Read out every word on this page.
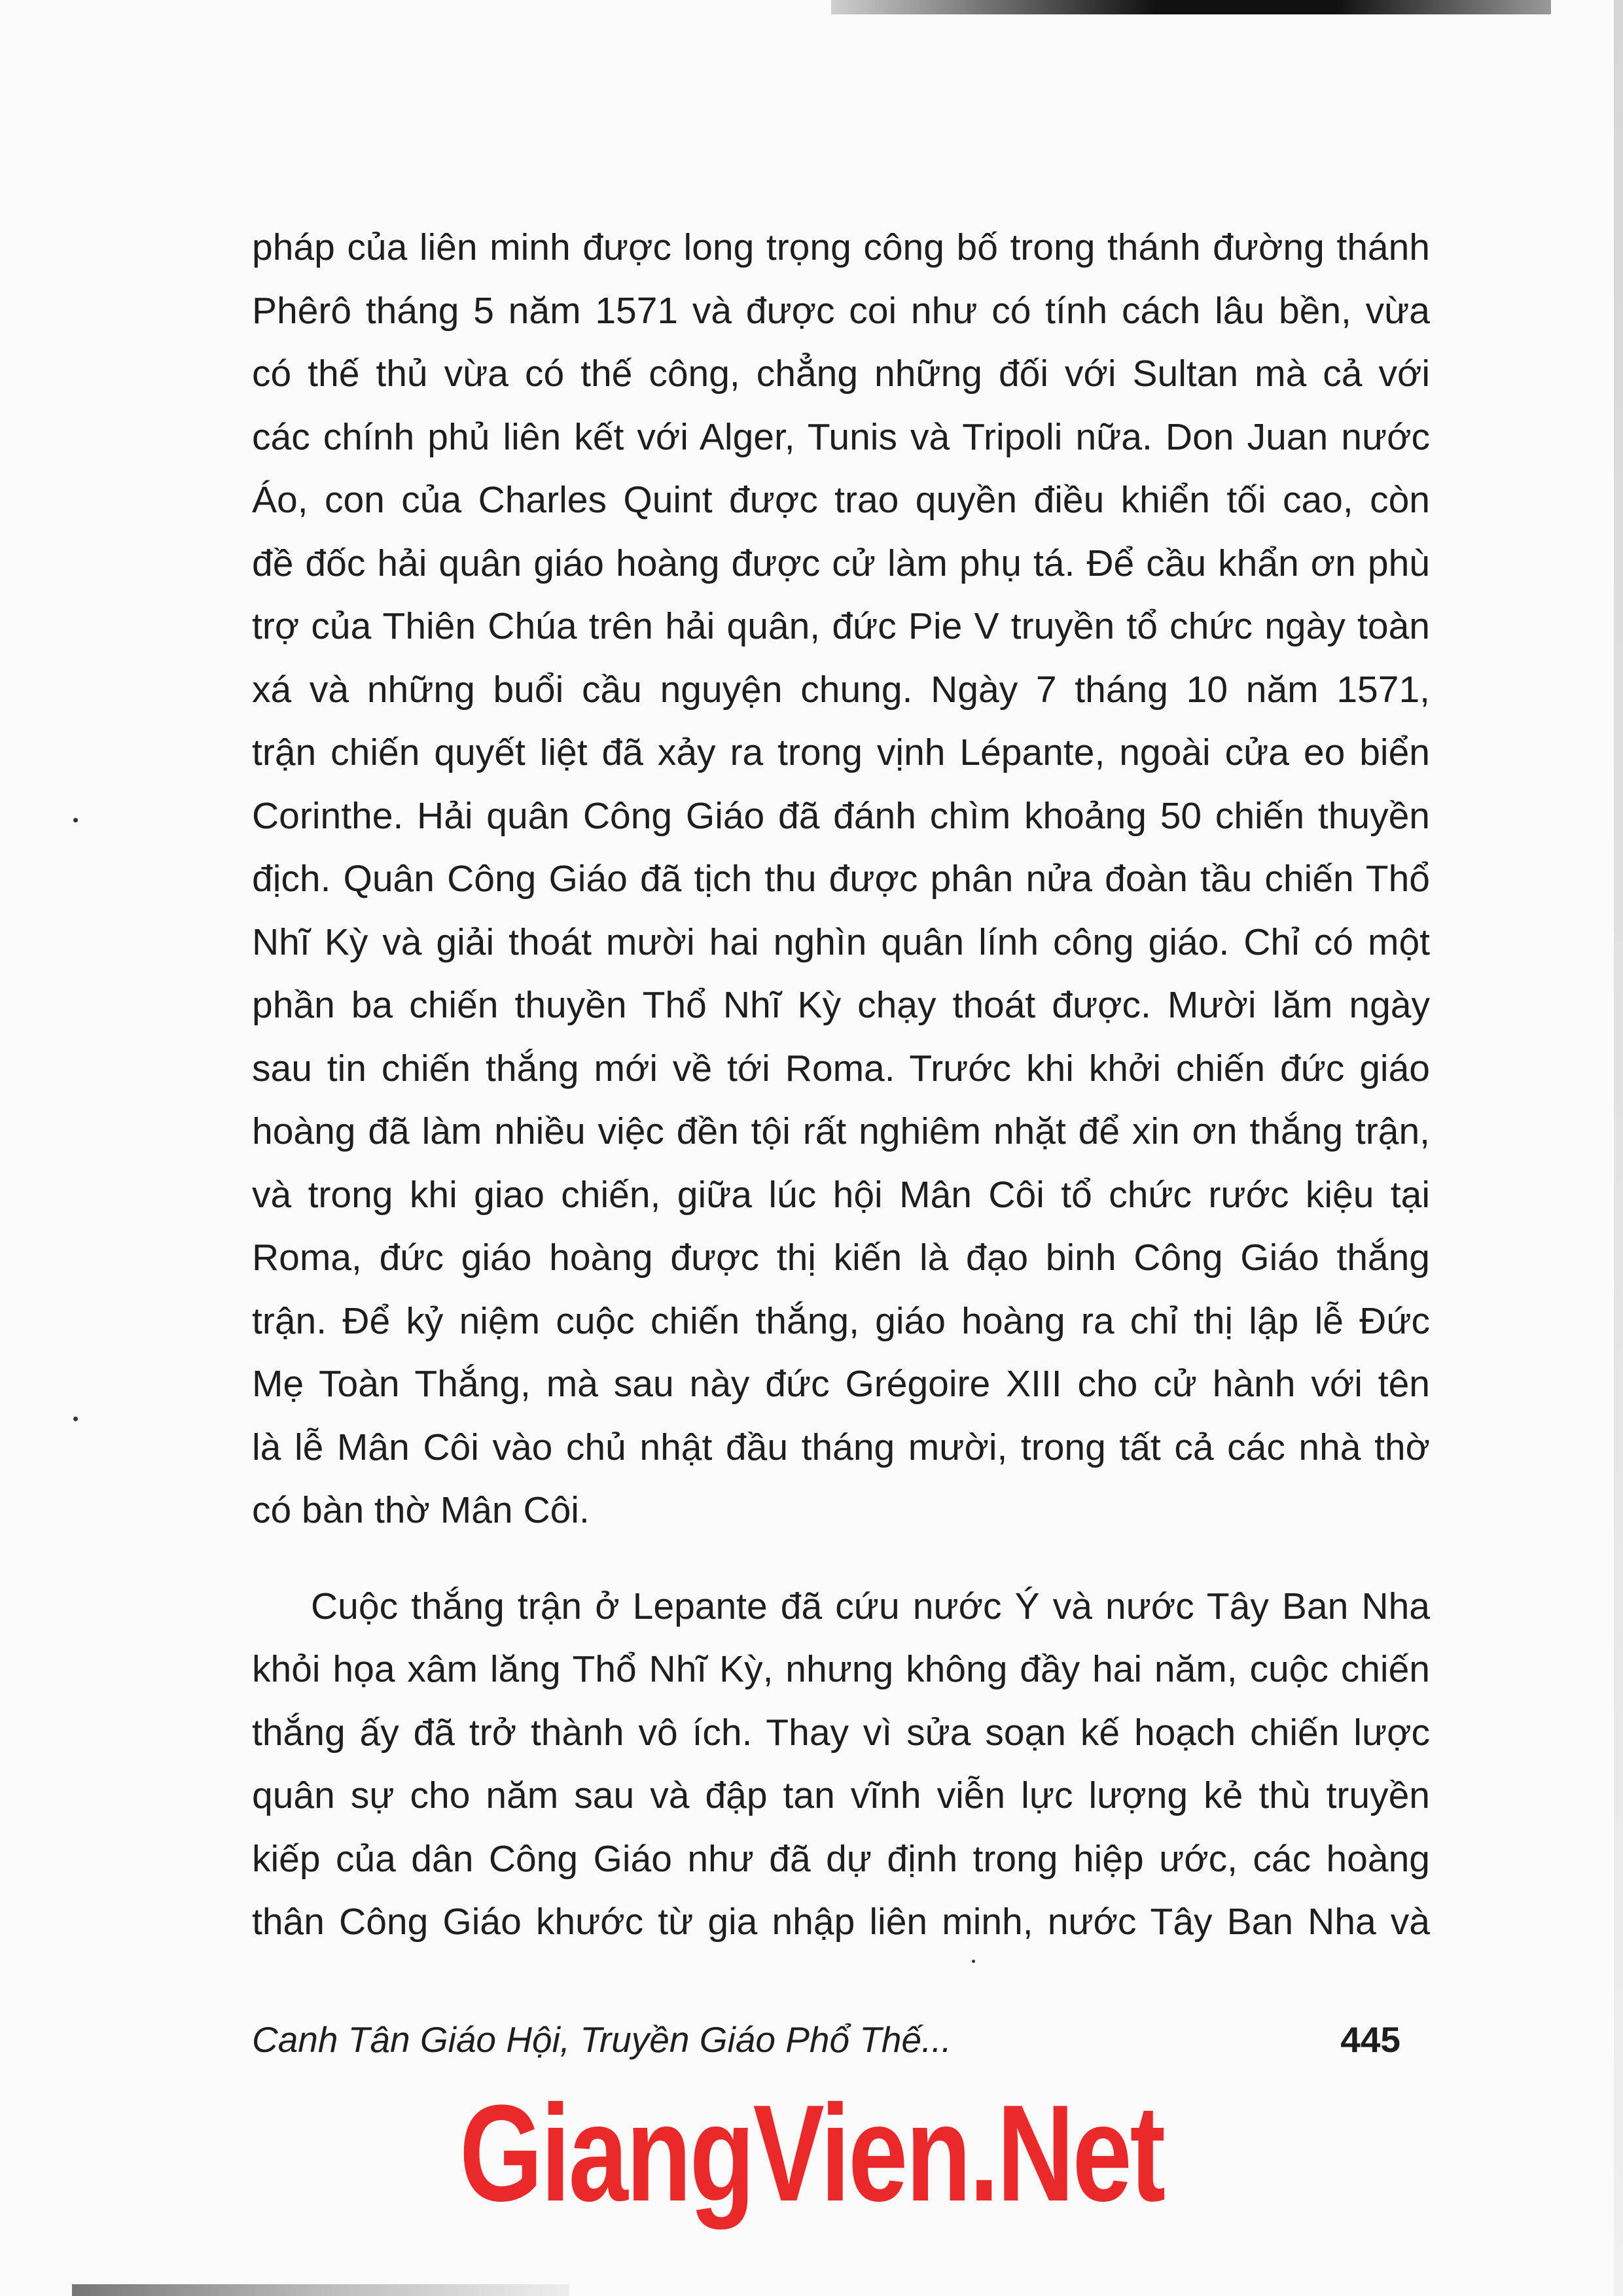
pháp của liên minh được long trọng công bố trong thánh đường thánh
Phêrô tháng 5 năm 1571 và được coi như có tính cách lâu bền, vừa
có thế thủ vừa có thế công, chẳng những đối với Sultan mà cả với
các chính phủ liên kết với Alger, Tunis và Tripoli nữa. Don Juan nước
Áo, con của Charles Quint được trao quyền điều khiển tối cao, còn
đề đốc hải quân giáo hoàng được cử làm phụ tá. Để cầu khẩn ơn phù
trợ của Thiên Chúa trên hải quân, đức Pie V truyền tổ chức ngày toàn
xá và những buổi cầu nguyện chung. Ngày 7 tháng 10 năm 1571,
trận chiến quyết liệt đã xảy ra trong vịnh Lépante, ngoài cửa eo biển
Corinthe. Hải quân Công Giáo đã đánh chìm khoảng 50 chiến thuyền
địch. Quân Công Giáo đã tịch thu được phân nửa đoàn tầu chiến Thổ
Nhĩ Kỳ và giải thoát mười hai nghìn quân lính công giáo. Chỉ có một
phần ba chiến thuyền Thổ Nhĩ Kỳ chạy thoát được. Mười lăm ngày
sau tin chiến thắng mới về tới Roma. Trước khi khởi chiến đức giáo
hoàng đã làm nhiều việc đền tội rất nghiêm nhặt để xin ơn thắng trận,
và trong khi giao chiến, giữa lúc hội Mân Côi tổ chức rước kiệu tại
Roma, đức giáo hoàng được thị kiến là đạo binh Công Giáo thắng
trận. Để kỷ niệm cuộc chiến thắng, giáo hoàng ra chỉ thị lập lễ Đức
Mẹ Toàn Thắng, mà sau này đức Grégoire XIII cho cử hành với tên
là lễ Mân Côi vào chủ nhật đầu tháng mười, trong tất cả các nhà thờ
có bàn thờ Mân Côi.
Cuộc thắng trận ở Lepante đã cứu nước Ý và nước Tây Ban Nha
khỏi họa xâm lăng Thổ Nhĩ Kỳ, nhưng không đầy hai năm, cuộc chiến
thắng ấy đã trở thành vô ích. Thay vì sửa soạn kế hoạch chiến lược
quân sự cho năm sau và đập tan vĩnh viễn lực lượng kẻ thù truyền
kiếp của dân Công Giáo như đã dự định trong hiệp ước, các hoàng
thân Công Giáo khước từ gia nhập liên minh, nước Tây Ban Nha và
Canh Tân Giáo Hội, Truyền Giáo Phổ Thế...	445
GiangVien.Net
